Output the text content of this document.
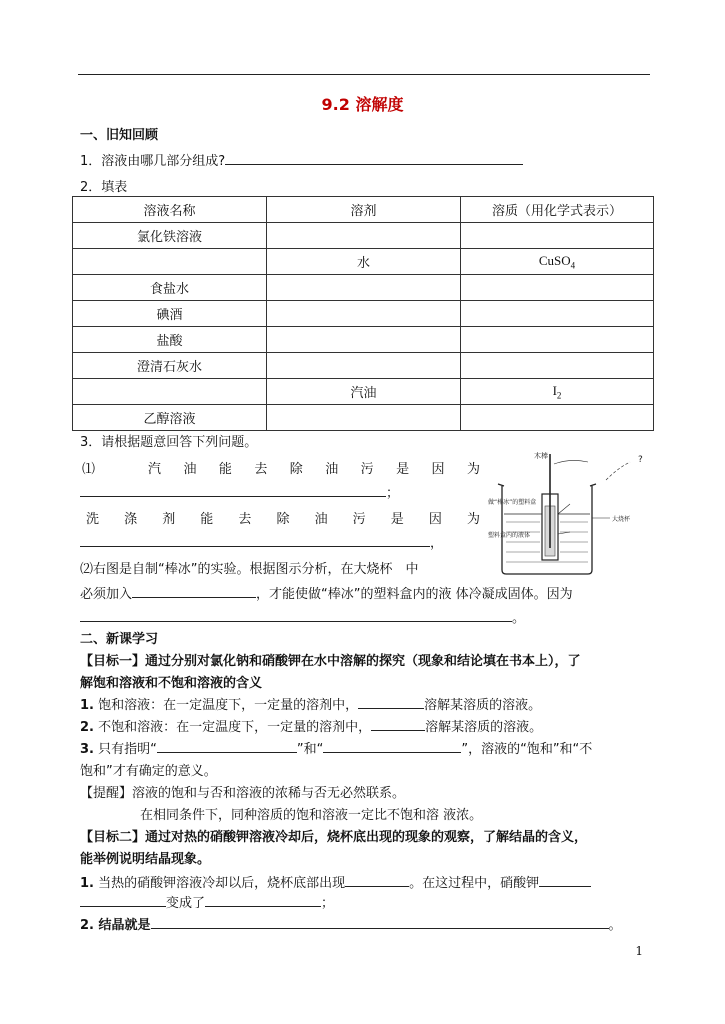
9.2 溶解度
一、旧知回顾
1．溶液由哪几部分组成?
2．填表
溶液名称	溶剂	溶质（用化学式表示）
氯化铁溶液		
	水	CuSO$_4$
食盐水		
碘酒		
盐酸		
澄清石灰水		
	汽油	$I_2$
乙醇溶液		
3．请根据题意回答下列问题。
⑴	汽 油 能 去 除 油 污 是 因 为
；
洗 涤 剂 能 去 除 油 污 是 因 为
，
⑵右图是自制“棒冰”的实验。根据图示分析，在大烧杯　中
必须加入	，才能使做“棒冰”的塑料盒内的液 体冷凝成固体。因为
。
木棒	?
做“棒冰”的塑料盒
大烧杯
塑料盒内的液体
二、新课学习
【目标一】通过分别对氯化钠和硝酸钾在水中溶解的探究（现象和结论填在书本上），了
解饱和溶液和不饱和溶液的含义
1. 饱和溶液：在一定温度下，一定量的溶剂中，	溶解某溶质的溶液。
2. 不饱和溶液：在一定温度下，一定量的溶剂中，	溶解某溶质的溶液。
3. 只有指明“	”和“	”，溶液的“饱和”和“不
饱和”才有确定的意义。
【提醒】溶液的饱和与否和溶液的浓稀与否无必然联系。
在相同条件下，同种溶质的饱和溶液一定比不饱和溶 液浓。
【目标二】通过对热的硝酸钾溶液冷却后，烧杯底出现的现象的观察，了解结晶的含义，
能举例说明结晶现象。
1. 当热的硝酸钾溶液冷却以后，烧杯底部出现	。在这过程中，硝酸钾
变成了	；
2. 结晶就是	。
1
